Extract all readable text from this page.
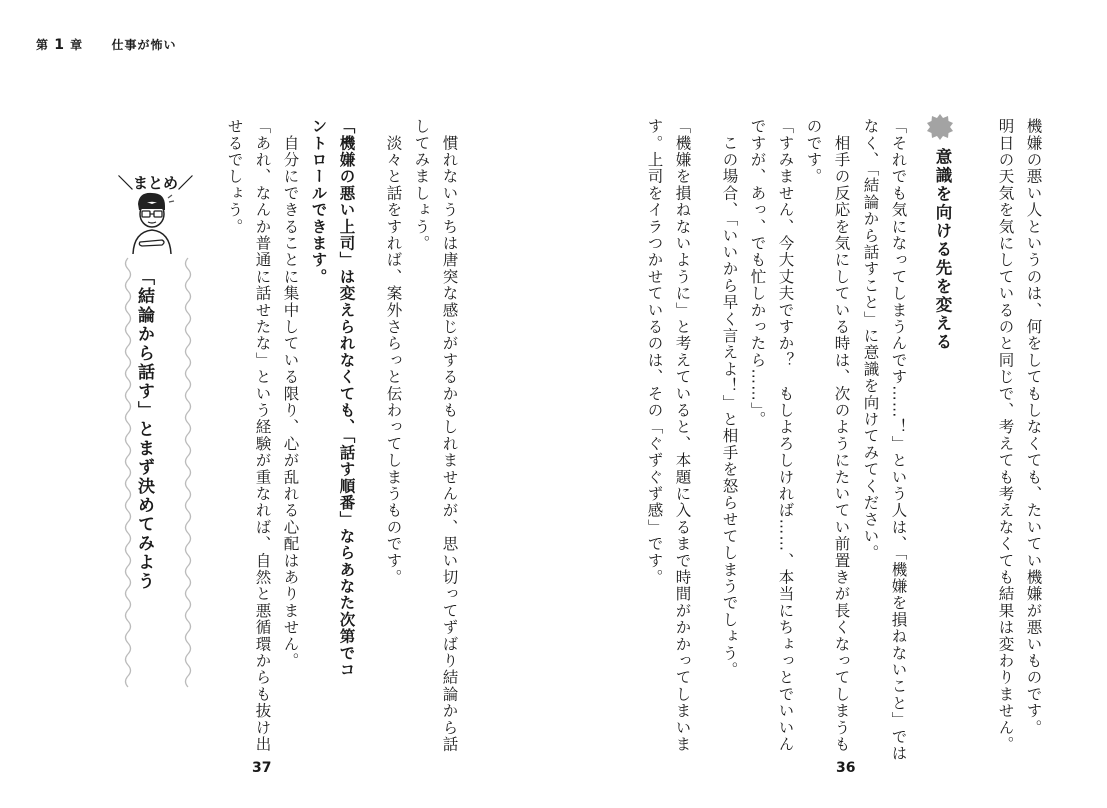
第 1 章 仕事が怖い
機嫌の悪い人というのは、何をしてもしなくても、たいてい機嫌が悪いものです。
明日の天気を気にしているのと同じで、考えても考えなくても結果は変わりません。
意識を向ける先を変える
「それでも気になってしまうんです……！」という人は、「機嫌を損ねないこと」では
なく、「結論から話すこと」に意識を向けてみてください。
　相手の反応を気にしている時は、次のようにたいてい前置きが長くなってしまうも
のです。
「すみません、今大丈夫ですか？　もしよろしければ……、本当にちょっとでいいん
ですが、あっ、でも忙しかったら……」。
　この場合、「いいから早く言えよ！」と相手を怒らせてしまうでしょう。
「機嫌を損ねないように」と考えていると、本題に入るまで時間がかかってしまいま
す。上司をイラつかせているのは、その「ぐずぐず感」です。
36
　慣れないうちは唐突な感じがするかもしれませんが、思い切ってずばり結論から話
してみましょう。
　淡々と話をすれば、案外さらっと伝わってしまうものです。
「機嫌の悪い上司」は変えられなくても、「話す順番」ならあなた次第でコ
ントロールできます。
　自分にできることに集中している限り、心が乱れる心配はありません。
「あれ、なんか普通に話せたな」という経験が重なれば、自然と悪循環からも抜け出
せるでしょう。
＼まとめ／
「結論から話す」とまず決めてみよう
37
